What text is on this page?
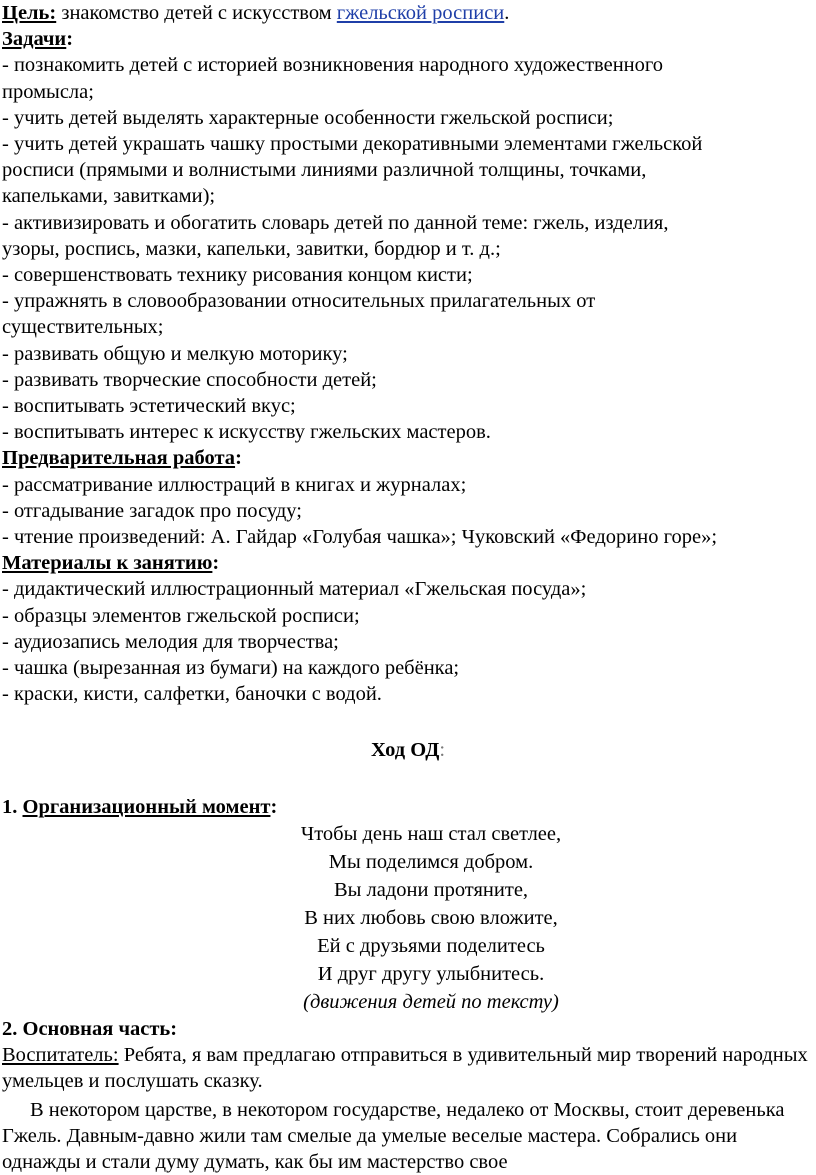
Цель: знакомство детей с искусством гжельской росписи.

Задачи:

- познакомить детей с историей возникновения народного художественного

промысла;

- учить детей выделять характерные особенности гжельской росписи;

- учить детей украшать чашку простыми декоративными элементами гжельской

росписи (прямыми и волнистыми линиями различной толщины, точками,

капельками, завитками);

- активизировать и обогатить словарь детей по данной теме: гжель, изделия,

узоры, роспись, мазки, капельки, завитки, бордюр и т. д.;

- совершенствовать технику рисования концом кисти;

- упражнять в словообразовании относительных прилагательных от

существительных;

- развивать общую и мелкую моторику;

- развивать творческие способности детей;

- воспитывать эстетический вкус;

- воспитывать интерес к искусству гжельских мастеров.

Предварительная работа:

- рассматривание иллюстраций в книгах и журналах;

- отгадывание загадок про посуду;

- чтение произведений: А. Гайдар «Голубая чашка»; Чуковский «Федорино горе»;

Материалы к занятию:

- дидактический иллюстрационный материал «Гжельская посуда»;

- образцы элементов гжельской росписи;

- аудиозапись мелодия для творчества;

- чашка (вырезанная из бумаги) на каждого ребёнка;

- краски, кисти, салфетки, баночки с водой.

Ход ОД:

1. Организационный момент:

Чтобы день наш стал светлее,

Мы поделимся добром.

Вы ладони протяните,

В них любовь свою вложите,

Ей с друзьями поделитесь

И друг другу улыбнитесь.

(движения детей по тексту)

2. Основная часть:

Воспитатель: Ребята, я вам предлагаю отправиться в удивительный мир творений народных умельцев и послушать сказку.

В некотором царстве, в некотором государстве, недалеко от Москвы, стоит деревенька Гжель. Давным-давно жили там смелые да умелые веселые мастера. Собрались они однажды и стали думу думать, как бы им мастерство свое
